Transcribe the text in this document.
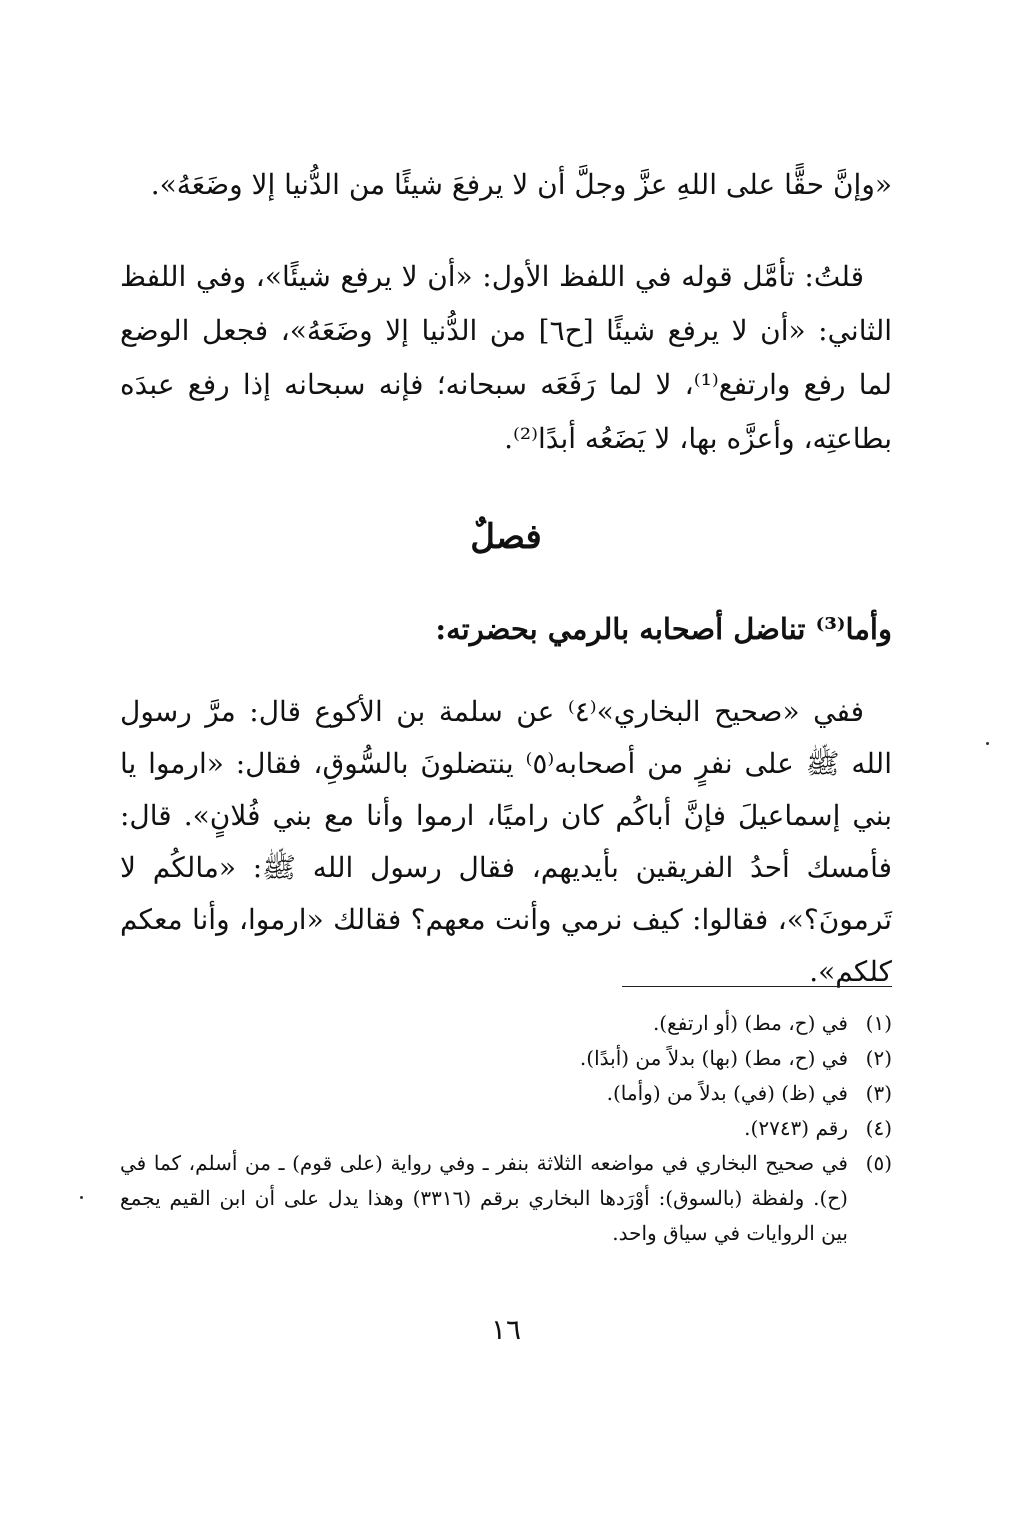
«وإنَّ حقًّا على اللهِ عزَّ وجلَّ أن لا يرفعَ شيئًا من الدُّنيا إلا وضَعَهُ».
قلتُ: تأمَّل قوله في اللفظ الأول: «أن لا يرفع شيئًا»، وفي اللفظ الثاني: «أن لا يرفع شيئًا [ح٦] من الدُّنيا إلا وضَعَهُ»، فجعل الوضع لما رفع وارتفع⁽¹⁾، لا لما رَفَعَه سبحانه؛ فإنه سبحانه إذا رفع عبدَه بطاعتِه، وأعزَّه بها، لا يَضَعُه أبدًا⁽²⁾.
فصلٌ
وأما⁽³⁾ تناضل أصحابه بالرمي بحضرته:
ففي «صحيح البخاري»⁽٤⁾ عن سلمة بن الأكوع قال: مرَّ رسول الله ﷺ على نفرٍ من أصحابه⁽٥⁾ ينتضلونَ بالسُّوقِ، فقال: «ارموا يا بني إسماعيلَ فإنَّ أباكُم كان راميًا، ارموا وأنا مع بني فُلانٍ». قال: فأمسك أحدُ الفريقين بأيديهم، فقال رسول الله ﷺ: «مالكُم لا تَرمونَ؟»، فقالوا: كيف نرمي وأنت معهم؟ فقالك «ارموا، وأنا معكم كلكم».
(١)
في (ح، مط) (أو ارتفع).
(٢)
في (ح، مط) (بها) بدلاً من (أبدًا).
(٣)
في (ظ) (في) بدلاً من (وأما).
(٤)
رقم (٢٧٤٣).
(٥)
في صحيح البخاري في مواضعه الثلاثة بنفر ـ وفي رواية (على قوم) ـ من أسلم، كما في (ح). ولفظة (بالسوق): أوْرَدها البخاري برقم (٣٣١٦) وهذا يدل على أن ابن القيم يجمع بين الروايات في سياق واحد.
١٦
